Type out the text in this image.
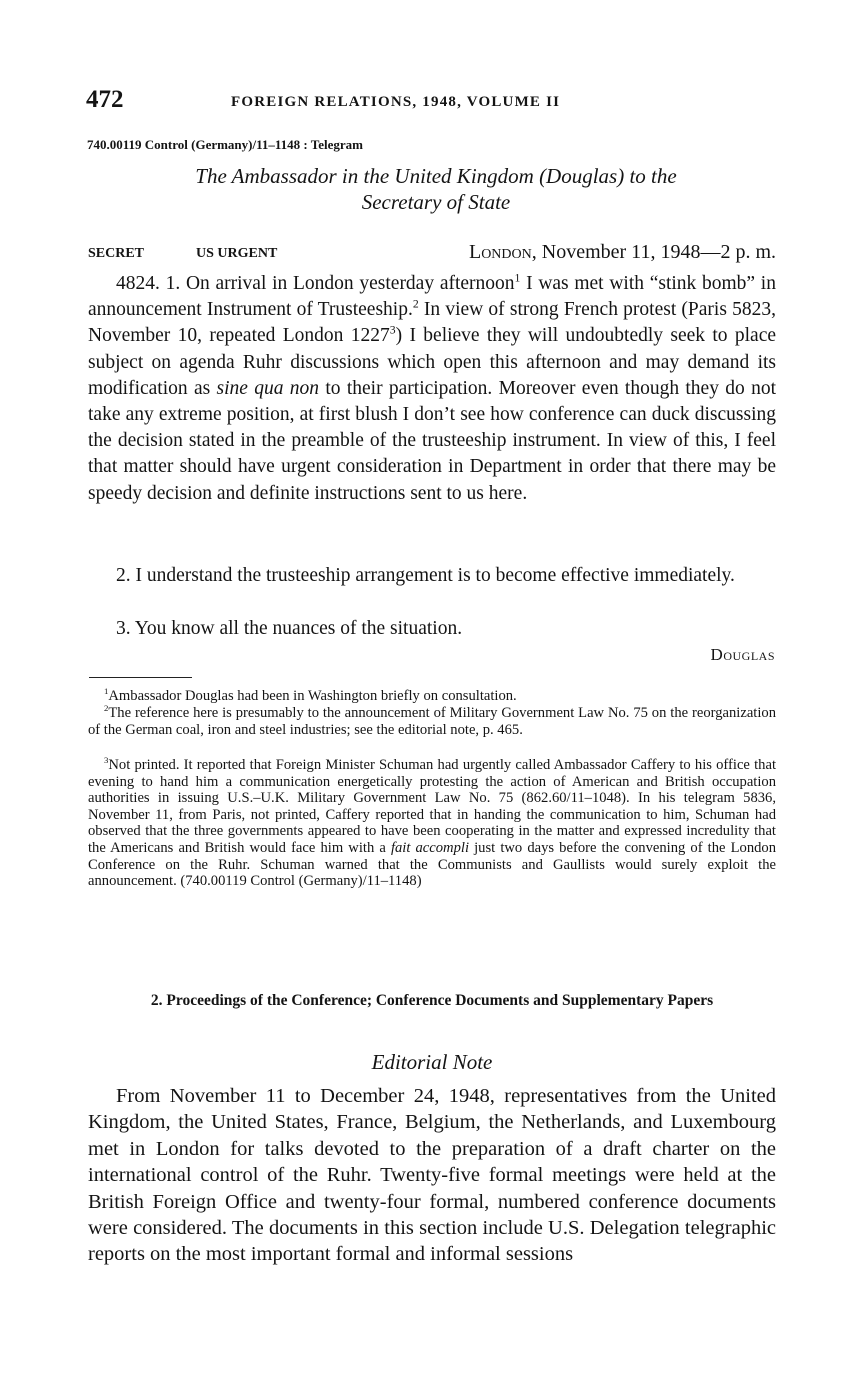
472	FOREIGN RELATIONS, 1948, VOLUME II
740.00119 Control (Germany)/11–1148 : Telegram
The Ambassador in the United Kingdom (Douglas) to the
Secretary of State
SECRET	US URGENT	London, November 11, 1948—2 p. m.

4824. 1. On arrival in London yesterday afternoon$^1$ I was met with “stink bomb” in announcement Instrument of Trusteeship.$^2$ In view of strong French protest (Paris 5823, November 10, repeated London 1227$^3$) I believe they will undoubtedly seek to place subject on agenda Ruhr discussions which open this afternoon and may demand its modification as sine qua non to their participation. Moreover even though they do not take any extreme position, at first blush I don’t see how conference can duck discussing the decision stated in the preamble of the trusteeship instrument. In view of this, I feel that matter should have urgent consideration in Department in order that there may be speedy decision and definite instructions sent to us here.

2. I understand the trusteeship arrangement is to become effective immediately.

3. You know all the nuances of the situation.

Douglas

$^1$Ambassador Douglas had been in Washington briefly on consultation.

$^2$The reference here is presumably to the announcement of Military Government Law No. 75 on the reorganization of the German coal, iron and steel industries; see the editorial note, p. 465.

$^3$Not printed. It reported that Foreign Minister Schuman had urgently called Ambassador Caffery to his office that evening to hand him a communication energetically protesting the action of American and British occupation authorities in issuing U.S.–U.K. Military Government Law No. 75 (862.60/11–1048). In his telegram 5836, November 11, from Paris, not printed, Caffery reported that in handing the communication to him, Schuman had observed that the three governments appeared to have been cooperating in the matter and expressed incredulity that the Americans and British would face him with a fait accompli just two days before the convening of the London Conference on the Ruhr. Schuman warned that the Communists and Gaullists would surely exploit the announcement. (740.00119 Control (Germany)/11–1148)

2. Proceedings of the Conference; Conference Documents and Supplementary Papers
Editorial Note

From November 11 to December 24, 1948, representatives from the United Kingdom, the United States, France, Belgium, the Netherlands, and Luxembourg met in London for talks devoted to the preparation of a draft charter on the international control of the Ruhr. Twenty-five formal meetings were held at the British Foreign Office and twenty-four formal, numbered conference documents were considered. The documents in this section include U.S. Delegation telegraphic reports on the most important formal and informal sessions
